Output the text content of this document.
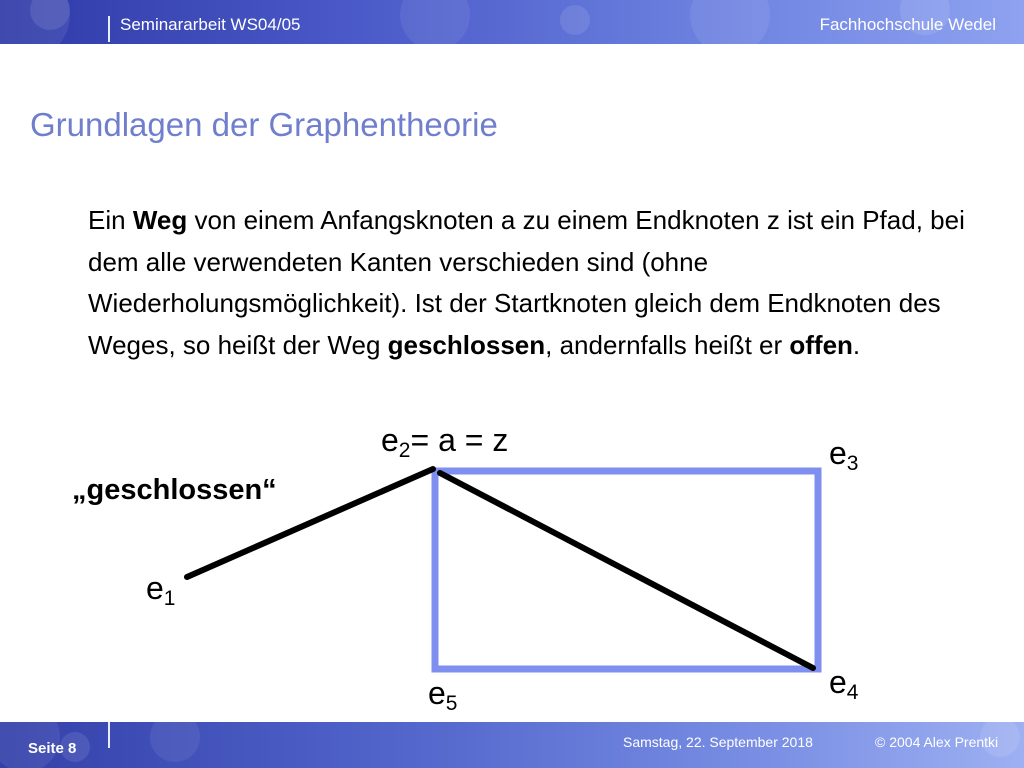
Seminararbeit WS04/05	Fachhochschule Wedel
Grundlagen der Graphentheorie
Ein Weg von einem Anfangsknoten a zu einem Endknoten z ist ein Pfad, bei dem alle verwendeten Kanten verschieden sind (ohne Wiederholungsmöglichkeit). Ist der Startknoten gleich dem Endknoten des Weges, so heißt der Weg geschlossen, andernfalls heißt er offen.
„geschlossen“
$e_2= a = z$	$e_3$
$e_1$
$e_4$
$e_5$
Seite 8	Samstag, 22. September 2018	© 2004 Alex Prentki
